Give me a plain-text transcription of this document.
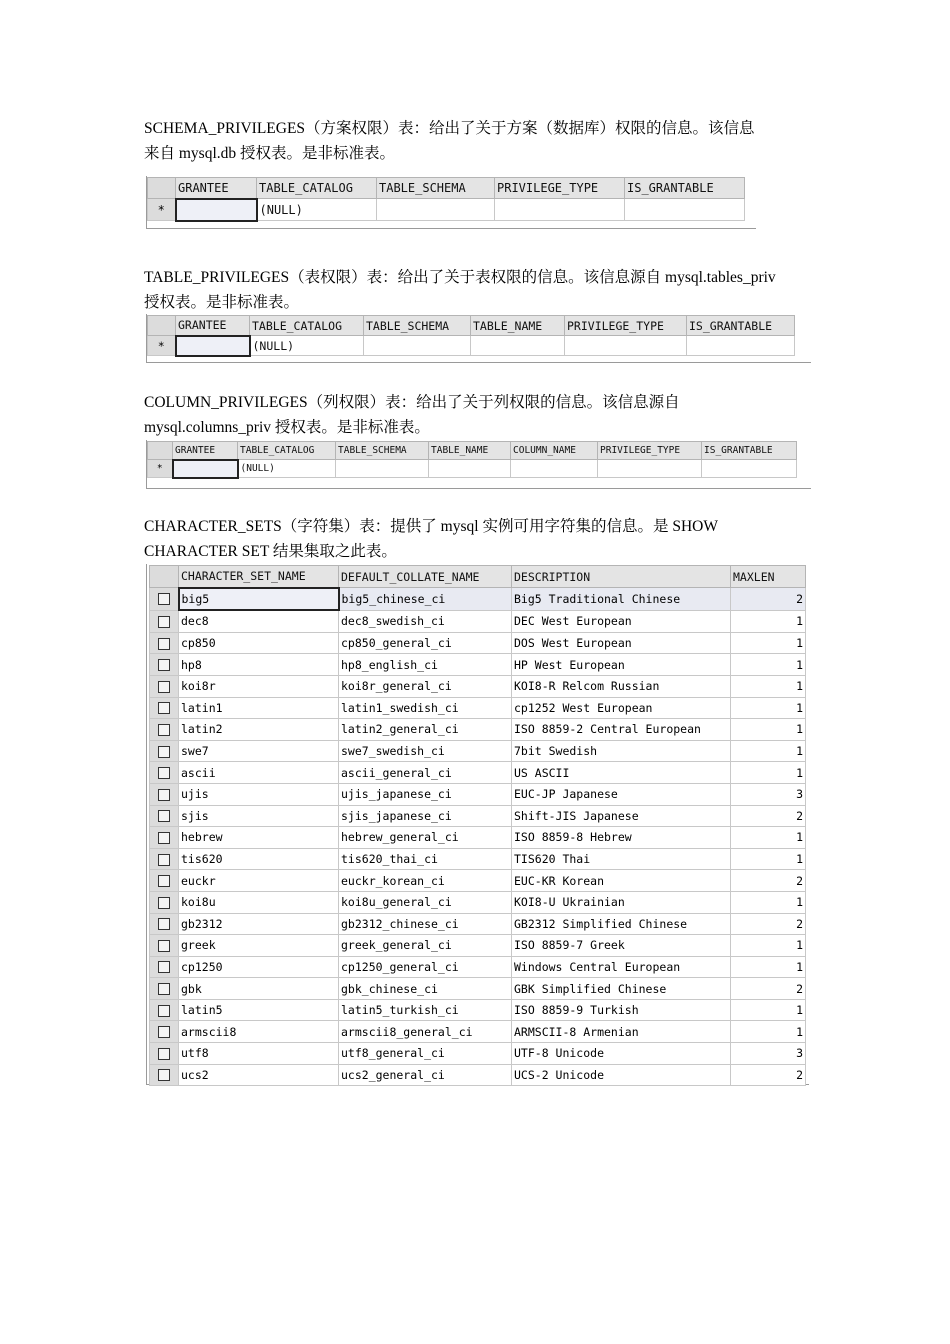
SCHEMA_PRIVILEGES（方案权限）表：给出了关于方案（数据库）权限的信息。该信息
来自 mysql.db 授权表。是非标准表。
	GRANTEE	TABLE_CATALOG	TABLE_SCHEMA	PRIVILEGE_TYPE	IS_GRANTABLE
*		(NULL)			
TABLE_PRIVILEGES（表权限）表：给出了关于表权限的信息。该信息源自 mysql.tables_priv
授权表。是非标准表。
	GRANTEE	TABLE_CATALOG	TABLE_SCHEMA	TABLE_NAME	PRIVILEGE_TYPE	IS_GRANTABLE
*		(NULL)				
COLUMN_PRIVILEGES（列权限）表：给出了关于列权限的信息。该信息源自
mysql.columns_priv 授权表。是非标准表。
	GRANTEE	TABLE_CATALOG	TABLE_SCHEMA	TABLE_NAME	COLUMN_NAME	PRIVILEGE_TYPE	IS_GRANTABLE
*		(NULL)					
CHARACTER_SETS（字符集）表：提供了 mysql 实例可用字符集的信息。是 SHOW
CHARACTER SET 结果集取之此表。
	CHARACTER_SET_NAME	DEFAULT_COLLATE_NAME	DESCRIPTION	MAXLEN
	big5	big5_chinese_ci	Big5 Traditional Chinese	2
	dec8	dec8_swedish_ci	DEC West European	1
	cp850	cp850_general_ci	DOS West European	1
	hp8	hp8_english_ci	HP West European	1
	koi8r	koi8r_general_ci	KOI8-R Relcom Russian	1
	latin1	latin1_swedish_ci	cp1252 West European	1
	latin2	latin2_general_ci	ISO 8859-2 Central European	1
	swe7	swe7_swedish_ci	7bit Swedish	1
	ascii	ascii_general_ci	US ASCII	1
	ujis	ujis_japanese_ci	EUC-JP Japanese	3
	sjis	sjis_japanese_ci	Shift-JIS Japanese	2
	hebrew	hebrew_general_ci	ISO 8859-8 Hebrew	1
	tis620	tis620_thai_ci	TIS620 Thai	1
	euckr	euckr_korean_ci	EUC-KR Korean	2
	koi8u	koi8u_general_ci	KOI8-U Ukrainian	1
	gb2312	gb2312_chinese_ci	GB2312 Simplified Chinese	2
	greek	greek_general_ci	ISO 8859-7 Greek	1
	cp1250	cp1250_general_ci	Windows Central European	1
	gbk	gbk_chinese_ci	GBK Simplified Chinese	2
	latin5	latin5_turkish_ci	ISO 8859-9 Turkish	1
	armscii8	armscii8_general_ci	ARMSCII-8 Armenian	1
	utf8	utf8_general_ci	UTF-8 Unicode	3
	ucs2	ucs2_general_ci	UCS-2 Unicode	2
